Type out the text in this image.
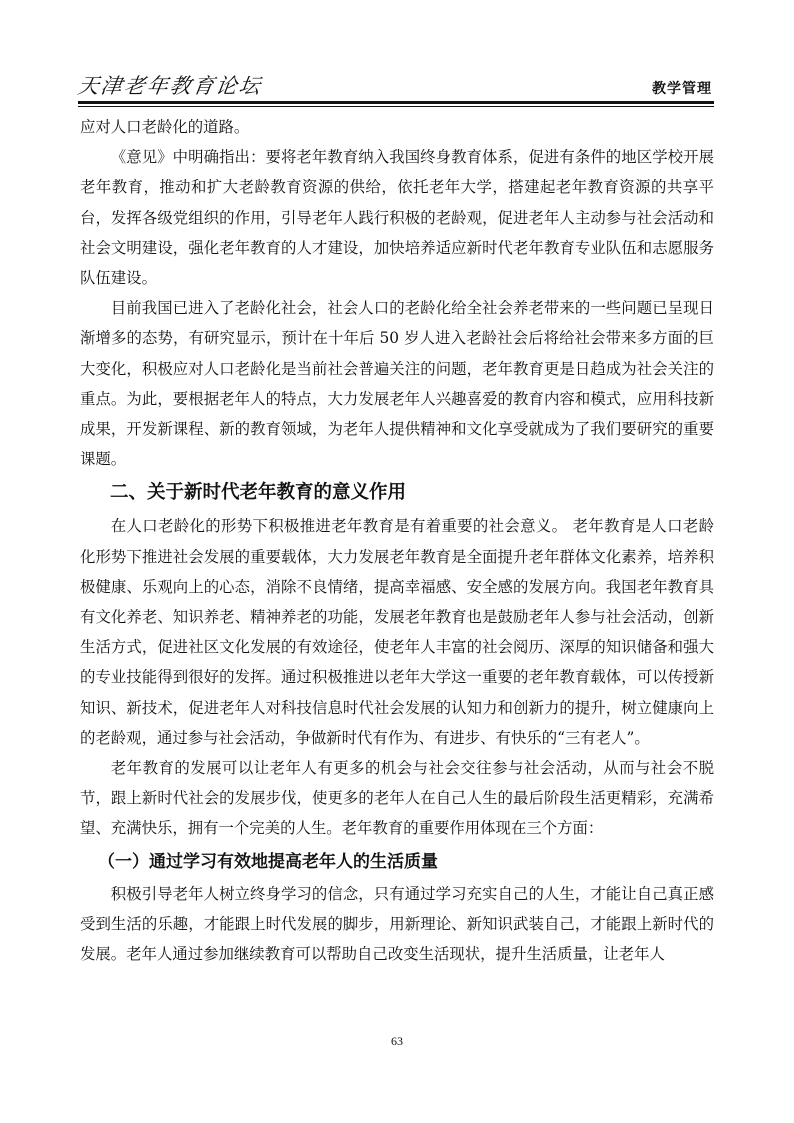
天津老年教育论坛	教学管理

应对人口老龄化的道路。

《意见》中明确指出：要将老年教育纳入我国终身教育体系，促进有条件的地区学校开展老年教育，推动和扩大老龄教育资源的供给，依托老年大学，搭建起老年教育资源的共享平台，发挥各级党组织的作用，引导老年人践行积极的老龄观，促进老年人主动参与社会活动和社会文明建设，强化老年教育的人才建设，加快培养适应新时代老年教育专业队伍和志愿服务队伍建设。

目前我国已进入了老龄化社会，社会人口的老龄化给全社会养老带来的一些问题已呈现日渐增多的态势，有研究显示，预计在十年后 50 岁人进入老龄社会后将给社会带来多方面的巨大变化，积极应对人口老龄化是当前社会普遍关注的问题，老年教育更是日趋成为社会关注的重点。为此，要根据老年人的特点，大力发展老年人兴趣喜爱的教育内容和模式，应用科技新成果，开发新课程、新的教育领域，为老年人提供精神和文化享受就成为了我们要研究的重要课题。

二、关于新时代老年教育的意义作用

在人口老龄化的形势下积极推进老年教育是有着重要的社会意义。 老年教育是人口老龄化形势下推进社会发展的重要载体，大力发展老年教育是全面提升老年群体文化素养，培养积极健康、乐观向上的心态，消除不良情绪，提高幸福感、安全感的发展方向。我国老年教育具有文化养老、知识养老、精神养老的功能，发展老年教育也是鼓励老年人参与社会活动，创新生活方式，促进社区文化发展的有效途径，使老年人丰富的社会阅历、深厚的知识储备和强大的专业技能得到很好的发挥。通过积极推进以老年大学这一重要的老年教育载体，可以传授新知识、新技术，促进老年人对科技信息时代社会发展的认知力和创新力的提升，树立健康向上的老龄观，通过参与社会活动，争做新时代有作为、有进步、有快乐的“三有老人”。

老年教育的发展可以让老年人有更多的机会与社会交往参与社会活动，从而与社会不脱节，跟上新时代社会的发展步伐，使更多的老年人在自己人生的最后阶段生活更精彩，充满希望、充满快乐，拥有一个完美的人生。老年教育的重要作用体现在三个方面：

（一）通过学习有效地提高老年人的生活质量

积极引导老年人树立终身学习的信念，只有通过学习充实自己的人生，才能让自己真正感受到生活的乐趣，才能跟上时代发展的脚步，用新理论、新知识武装自己，才能跟上新时代的发展。老年人通过参加继续教育可以帮助自己改变生活现状，提升生活质量，让老年人

63
